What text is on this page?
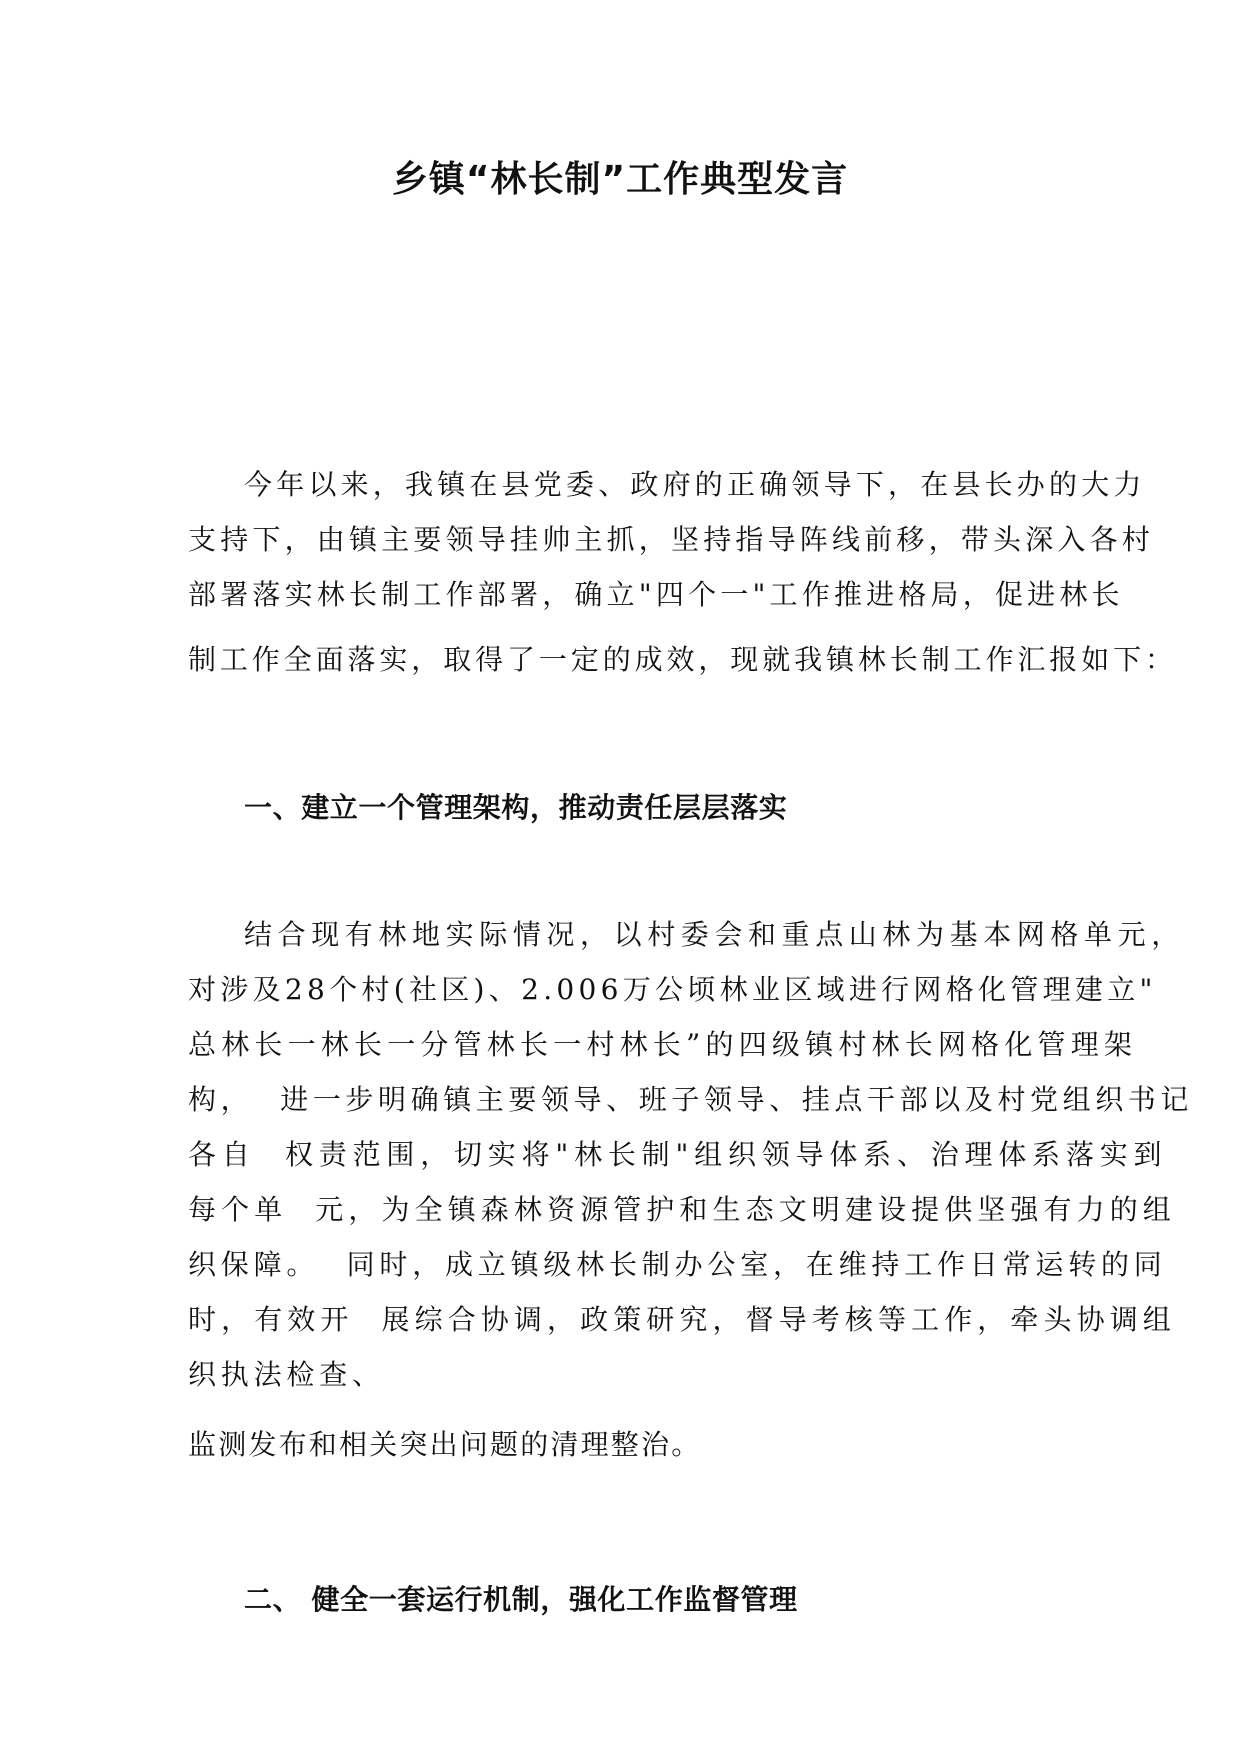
乡镇“林长制”工作典型发言

今年以来，我镇在县党委、政府的正确领导下，在县长办的大力

支持下，由镇主要领导挂帅主抓，坚持指导阵线前移，带头深入各村

部署落实林长制工作部署，确立"四个一"工作推进格局，促进林长

制工作全面落实，取得了一定的成效，现就我镇林长制工作汇报如下：

一、建立一个管理架构，推动责任层层落实

结合现有林地实际情况，以村委会和重点山林为基本网格单元，

对涉及28个村(社区)、2.006万公顷林业区域进行网格化管理建立"

总林长一林长一分管林长一村林长”的四级镇村林长网格化管理架

构，  进一步明确镇主要领导、班子领导、挂点干部以及村党组织书记

各自  权责范围，切实将"林长制"组织领导体系、治理体系落实到

每个单  元，为全镇森林资源管护和生态文明建设提供坚强有力的组

织保障。  同时，成立镇级林长制办公室，在维持工作日常运转的同

时，有效开  展综合协调，政策研究，督导考核等工作，牵头协调组

织执法检查、

监测发布和相关突出问题的清理整治。

二、 健全一套运行机制，强化工作监督管理
